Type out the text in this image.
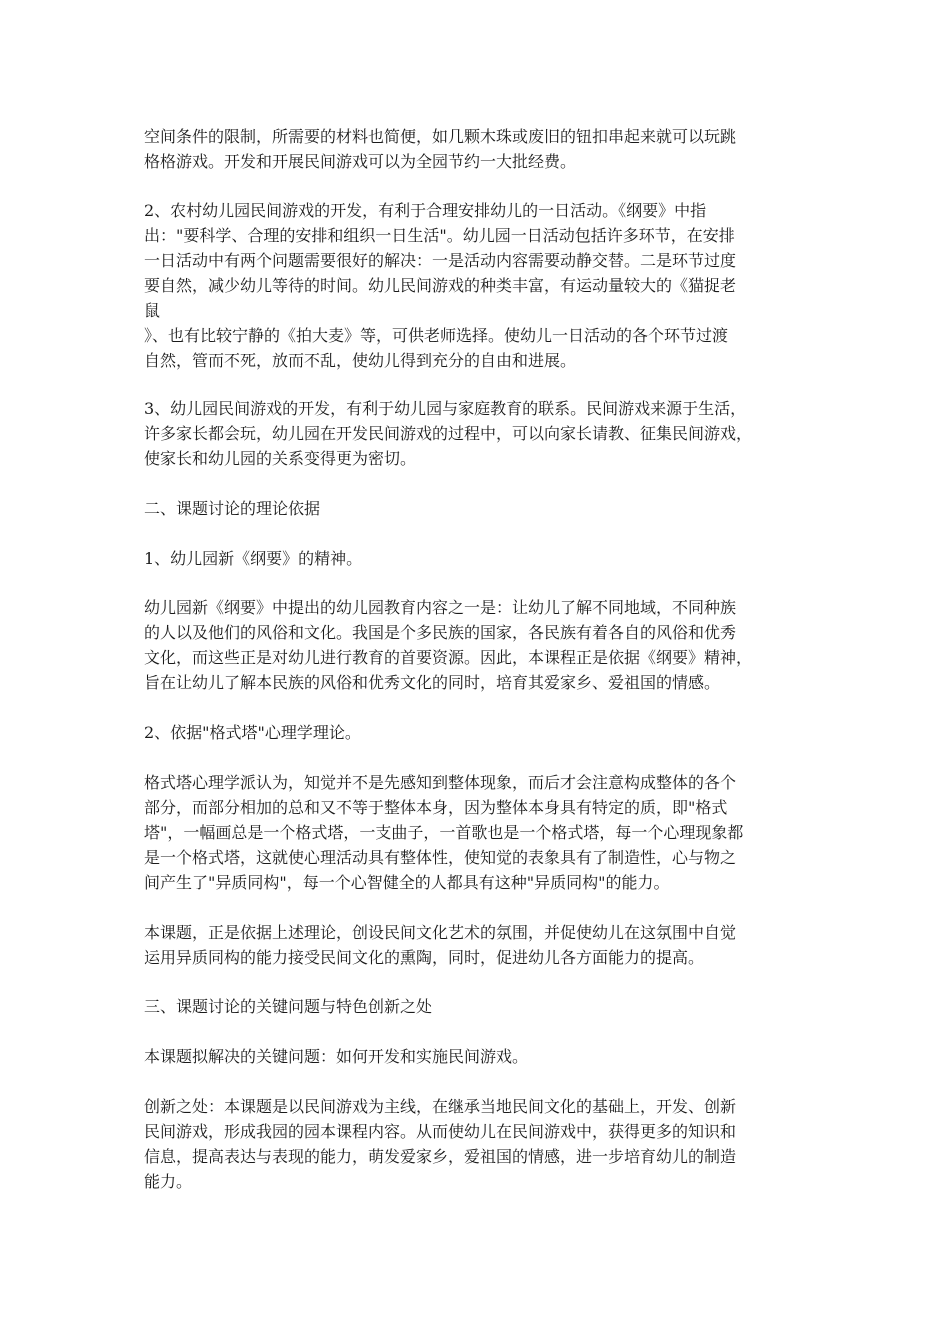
空间条件的限制，所需要的材料也简便，如几颗木珠或废旧的钮扣串起来就可以玩跳
格格游戏。开发和开展民间游戏可以为全园节约一大批经费。

2、农村幼儿园民间游戏的开发，有利于合理安排幼儿的一日活动。《纲要》中指
出："要科学、合理的安排和组织一日生活"。幼儿园一日活动包括许多环节，在安排
一日活动中有两个问题需要很好的解决：一是活动内容需要动静交替。二是环节过度
要自然，减少幼儿等待的时间。幼儿民间游戏的种类丰富，有运动量较大的《猫捉老
鼠
》、也有比较宁静的《拍大麦》等，可供老师选择。使幼儿一日活动的各个环节过渡
自然，管而不死，放而不乱，使幼儿得到充分的自由和进展。

3、幼儿园民间游戏的开发，有利于幼儿园与家庭教育的联系。民间游戏来源于生活，
许多家长都会玩，幼儿园在开发民间游戏的过程中，可以向家长请教、征集民间游戏，
使家长和幼儿园的关系变得更为密切。

二、课题讨论的理论依据

1、幼儿园新《纲要》的精神。

幼儿园新《纲要》中提出的幼儿园教育内容之一是：让幼儿了解不同地域，不同种族
的人以及他们的风俗和文化。我国是个多民族的国家，各民族有着各自的风俗和优秀
文化，而这些正是对幼儿进行教育的首要资源。因此，本课程正是依据《纲要》精神，
旨在让幼儿了解本民族的风俗和优秀文化的同时，培育其爱家乡、爱祖国的情感。

2、依据"格式塔"心理学理论。

格式塔心理学派认为，知觉并不是先感知到整体现象，而后才会注意构成整体的各个
部分，而部分相加的总和又不等于整体本身，因为整体本身具有特定的质，即"格式
塔"，一幅画总是一个格式塔，一支曲子，一首歌也是一个格式塔，每一个心理现象都
是一个格式塔，这就使心理活动具有整体性，使知觉的表象具有了制造性，心与物之
间产生了"异质同构"，每一个心智健全的人都具有这种"异质同构"的能力。

本课题，正是依据上述理论，创设民间文化艺术的氛围，并促使幼儿在这氛围中自觉
运用异质同构的能力接受民间文化的熏陶，同时，促进幼儿各方面能力的提高。

三、课题讨论的关键问题与特色创新之处

本课题拟解决的关键问题：如何开发和实施民间游戏。

创新之处：本课题是以民间游戏为主线，在继承当地民间文化的基础上，开发、创新
民间游戏，形成我园的园本课程内容。从而使幼儿在民间游戏中，获得更多的知识和
信息，提高表达与表现的能力，萌发爱家乡，爱祖国的情感，进一步培育幼儿的制造
能力。
